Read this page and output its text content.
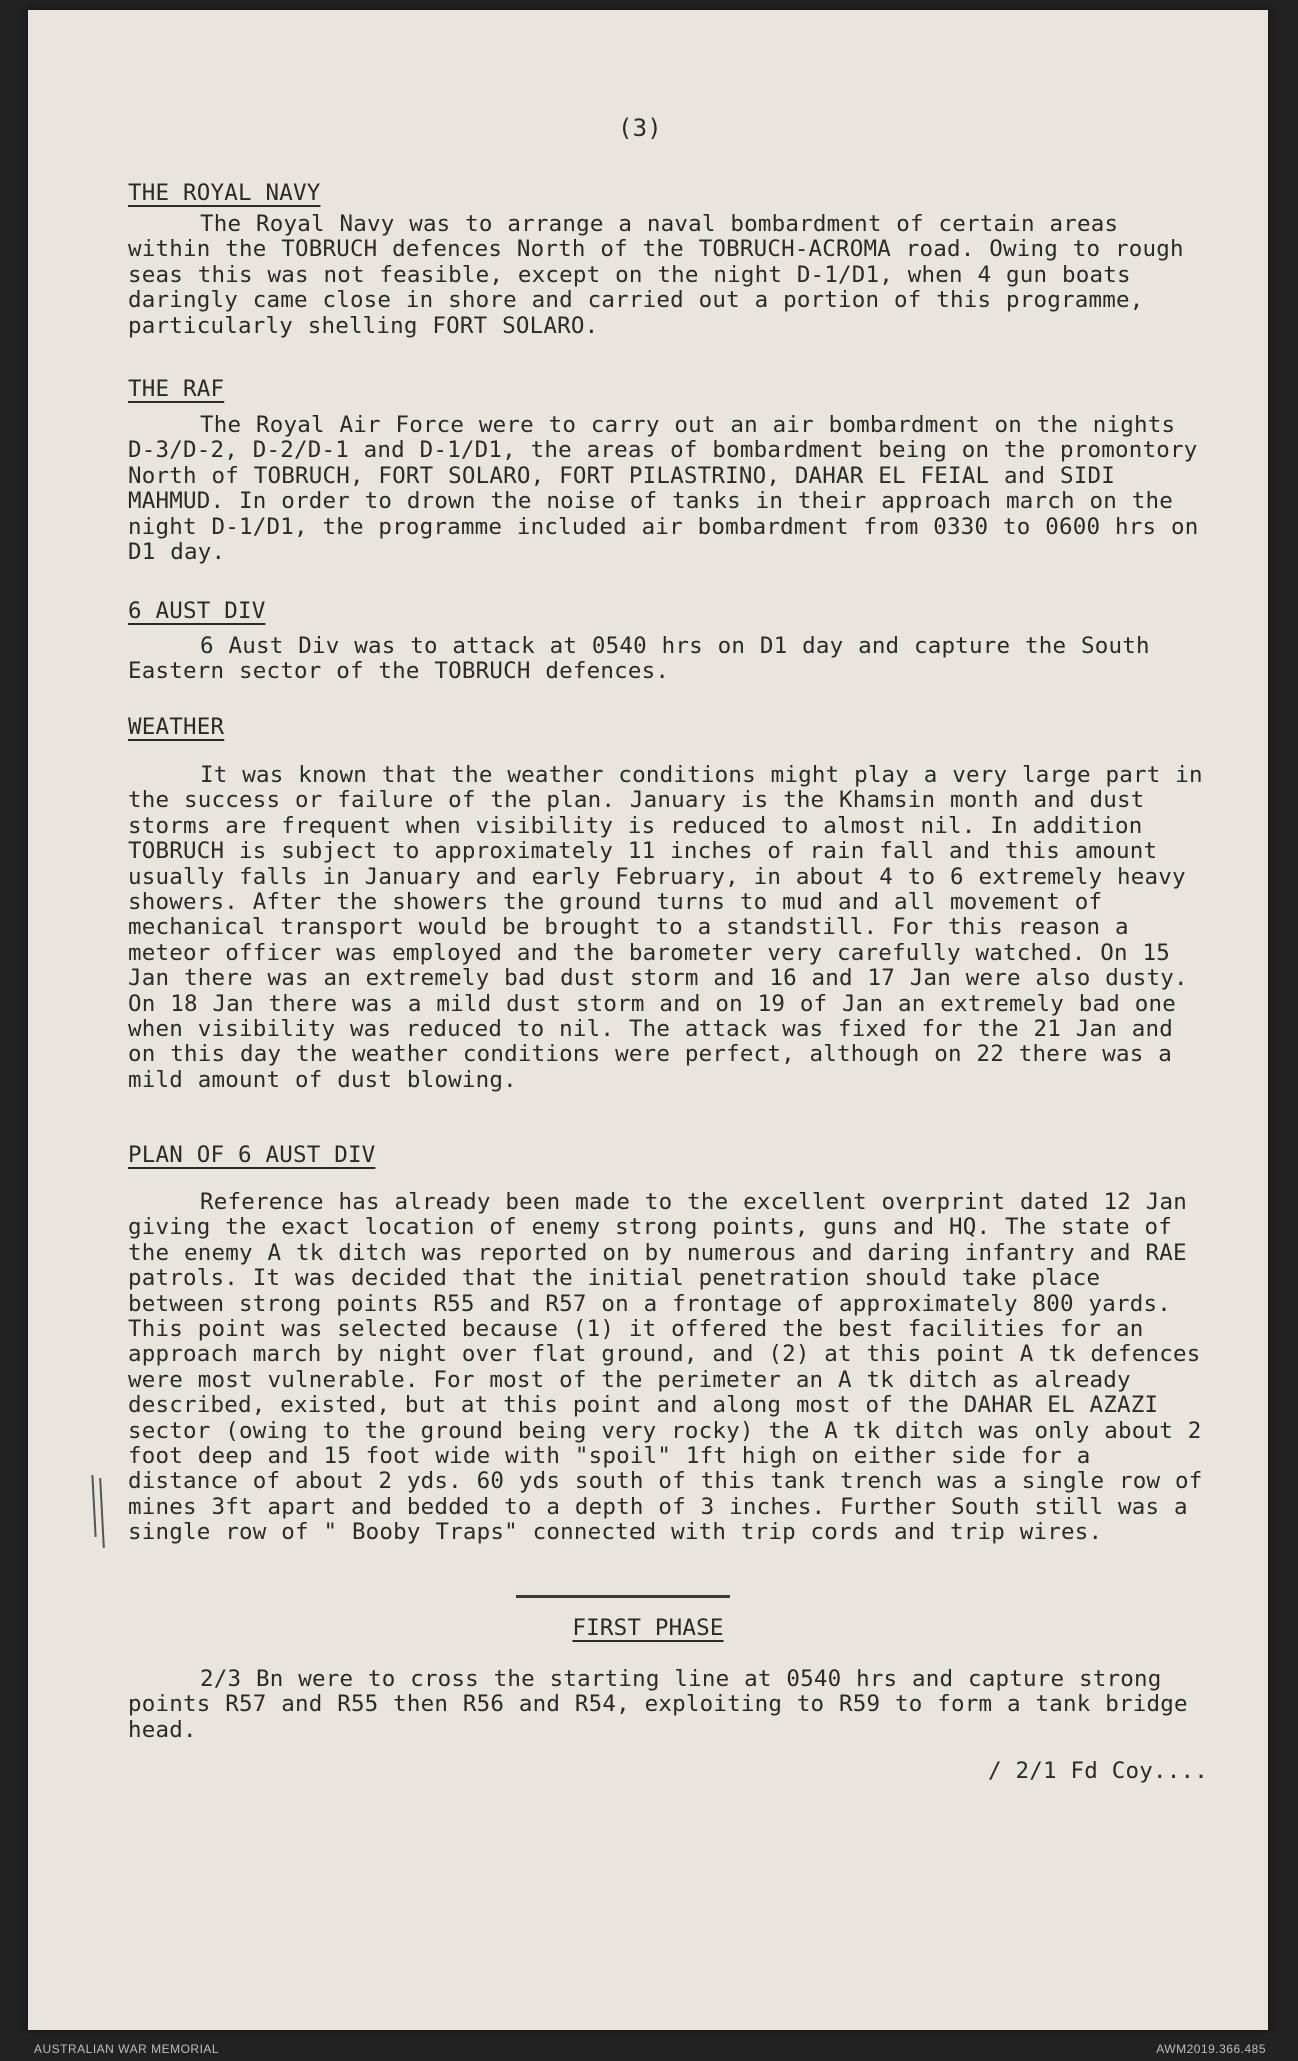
(3)
THE ROYAL NAVY

The Royal Navy was to arrange a naval bombardment of certain areas within the TOBRUCH defences North of the TOBRUCH-ACROMA road. Owing to rough seas this was not feasible, except on the night D-1/D1, when 4 gun boats daringly came close in shore and carried out a portion of this programme, particularly shelling FORT SOLARO.

THE RAF

The Royal Air Force were to carry out an air bombardment on the nights D-3/D-2, D-2/D-1 and D-1/D1, the areas of bombardment being on the promontory North of TOBRUCH, FORT SOLARO, FORT PILASTRINO, DAHAR EL FEIAL and SIDI MAHMUD. In order to drown the noise of tanks in their approach march on the night D-1/D1, the programme included air bombardment from 0330 to 0600 hrs on D1 day.

6 AUST DIV

6 Aust Div was to attack at 0540 hrs on D1 day and capture the South Eastern sector of the TOBRUCH defences.

WEATHER

It was known that the weather conditions might play a very large part in the success or failure of the plan. January is the Khamsin month and dust storms are frequent when visibility is reduced to almost nil. In addition TOBRUCH is subject to approximately 11 inches of rain fall and this amount usually falls in January and early February, in about 4 to 6 extremely heavy showers. After the showers the ground turns to mud and all movement of mechanical transport would be brought to a standstill. For this reason a meteor officer was employed and the barometer very carefully watched. On 15 Jan there was an extremely bad dust storm and 16 and 17 Jan were also dusty. On 18 Jan there was a mild dust storm and on 19 of Jan an extremely bad one when visibility was reduced to nil. The attack was fixed for the 21 Jan and on this day the weather conditions were perfect, although on 22 there was a mild amount of dust blowing.

PLAN OF 6 AUST DIV

Reference has already been made to the excellent overprint dated 12 Jan giving the exact location of enemy strong points, guns and HQ. The state of the enemy A tk ditch was reported on by numerous and daring infantry and RAE patrols. It was decided that the initial penetration should take place between strong points R55 and R57 on a frontage of approximately 800 yards. This point was selected because (1) it offered the best facilities for an approach march by night over flat ground, and (2) at this point A tk defences were most vulnerable. For most of the perimeter an A tk ditch as already described, existed, but at this point and along most of the DAHAR EL AZAZI sector (owing to the ground being very rocky) the A tk ditch was only about 2 foot deep and 15 foot wide with "spoil" 1ft high on either side for a distance of about 2 yds. 60 yds south of this tank trench was a single row of mines 3ft apart and bedded to a depth of 3 inches. Further South still was a single row of " Booby Traps" connected with trip cords and trip wires.

FIRST PHASE

2/3 Bn were to cross the starting line at 0540 hrs and capture strong points R57 and R55 then R56 and R54, exploiting to R59 to form a tank bridge head.

/ 2/1 Fd Coy....
AUSTRALIAN WAR MEMORIAL	AWM2019.366.485
